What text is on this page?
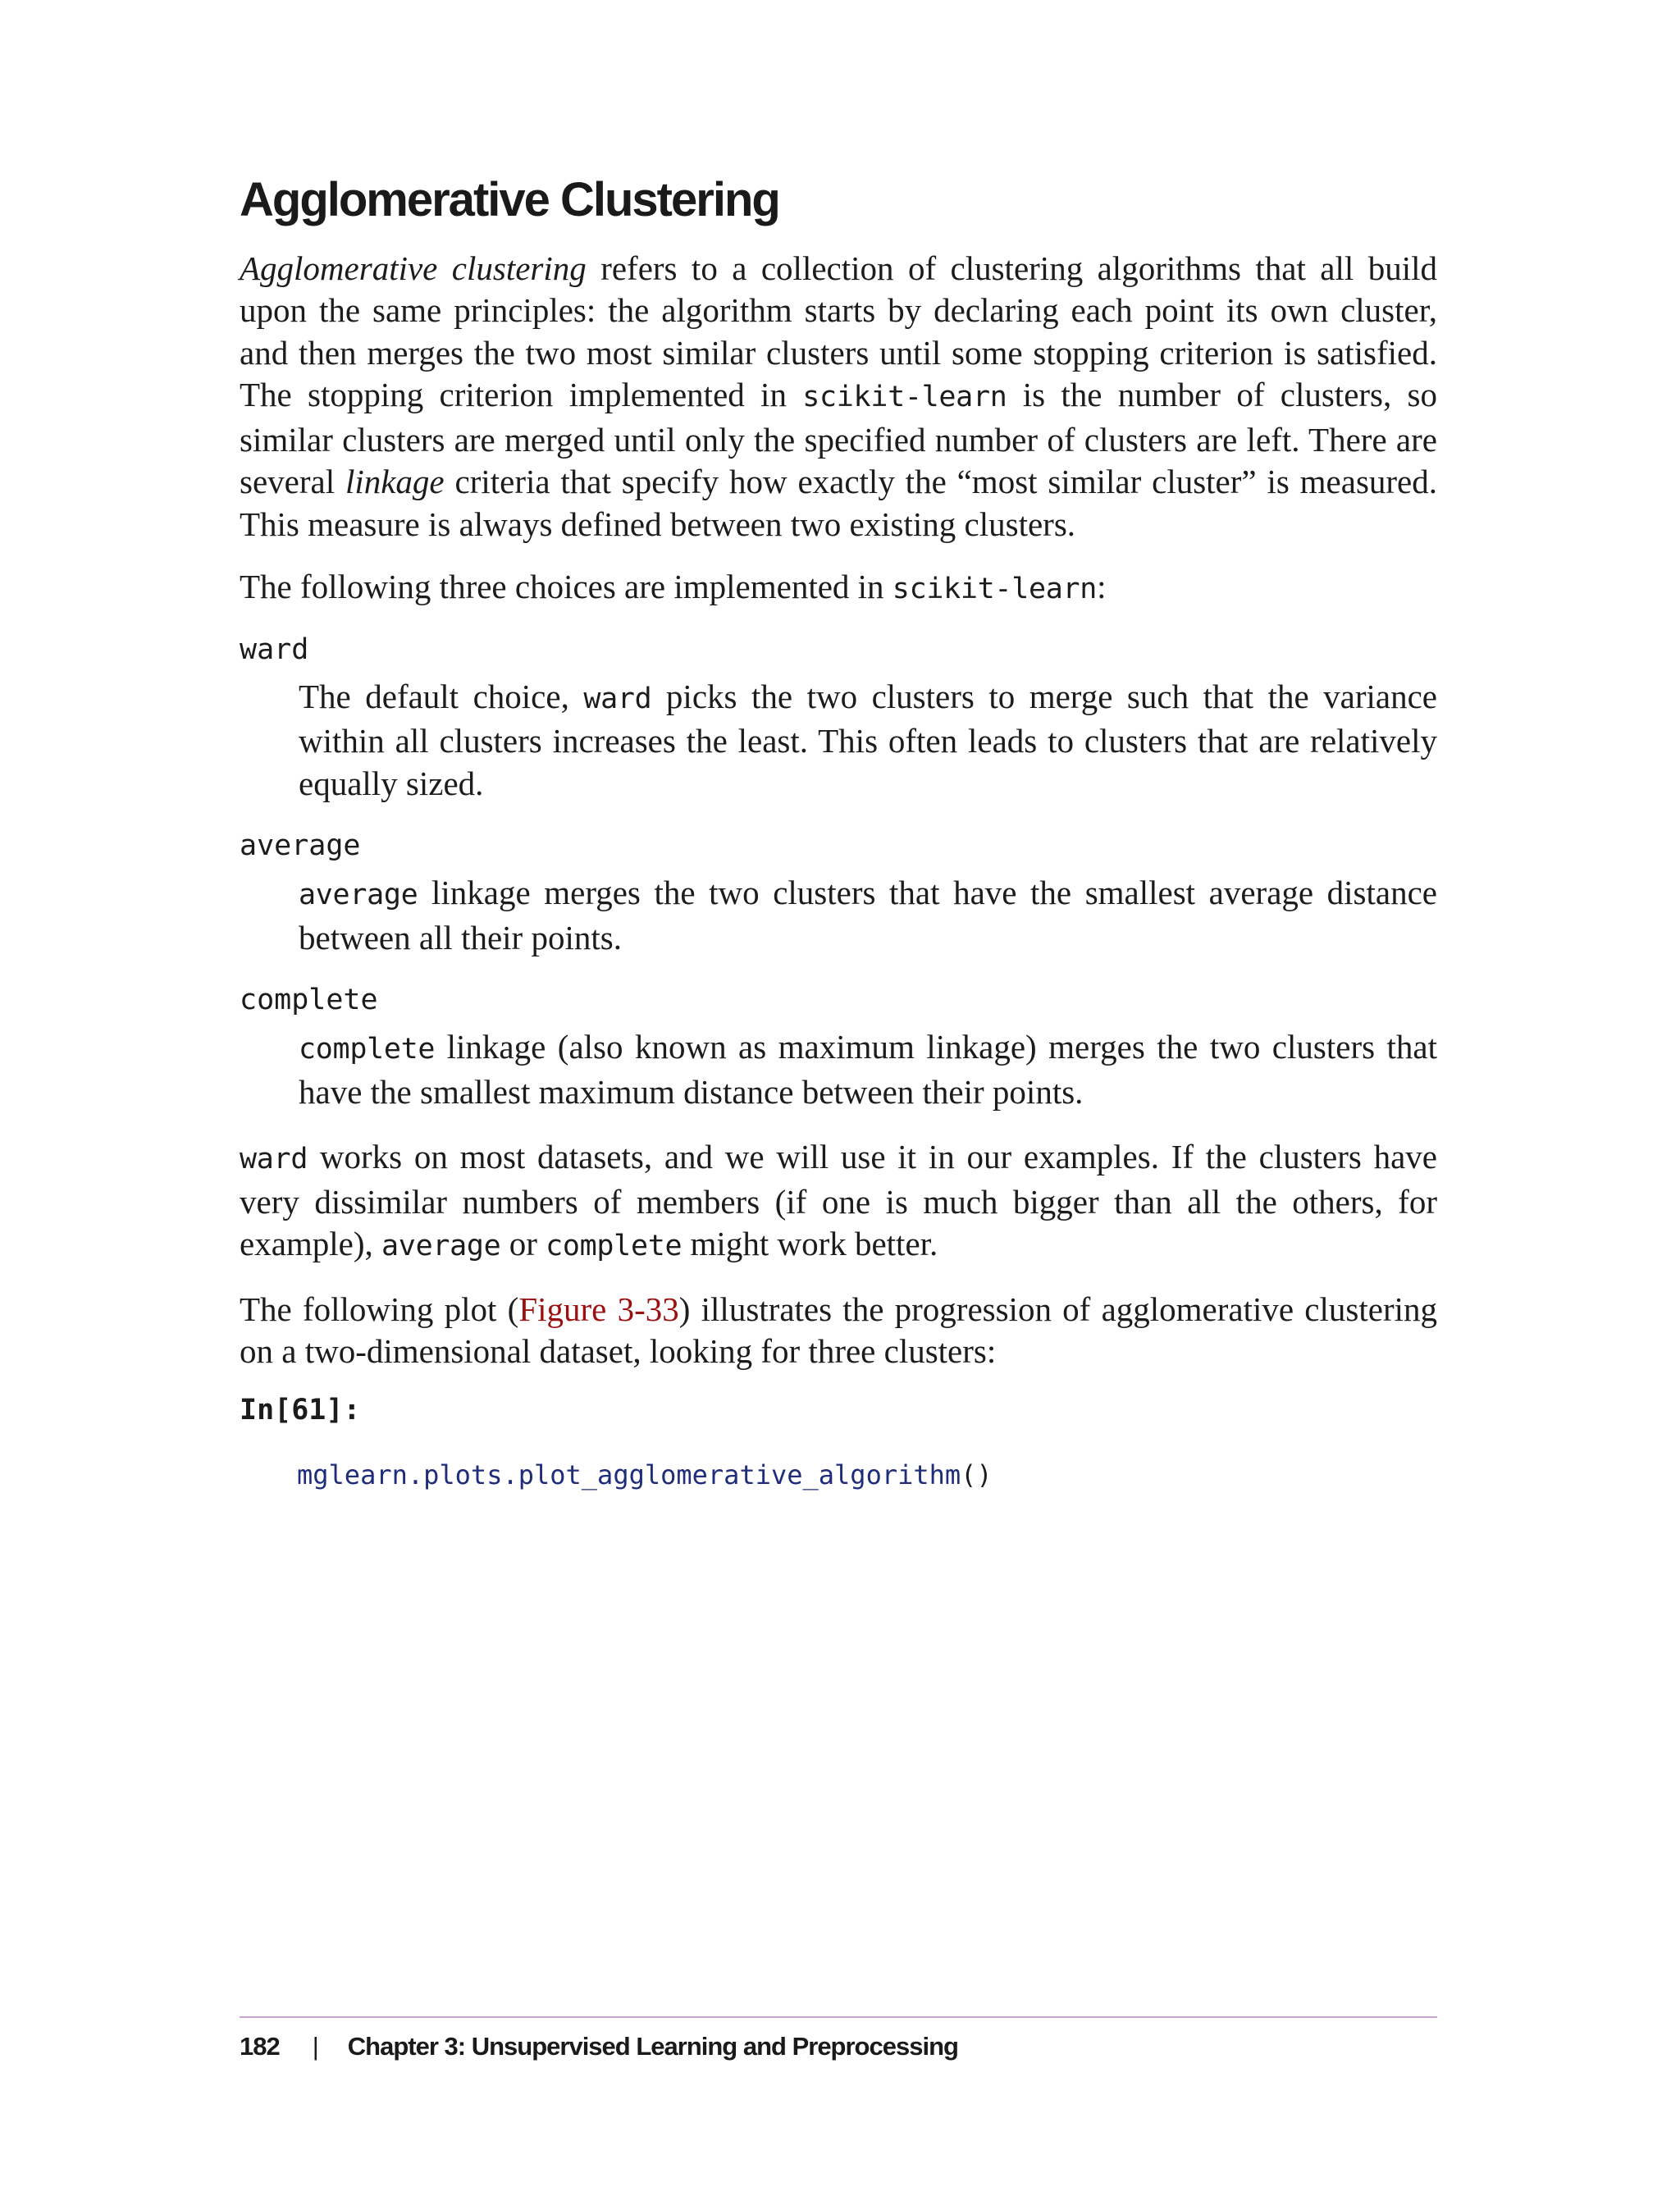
Agglomerative Clustering

Agglomerative clustering refers to a collection of clustering algorithms that all build upon the same principles: the algorithm starts by declaring each point its own cluster, and then merges the two most similar clusters until some stopping criterion is satisfied. The stopping criterion implemented in scikit-learn is the number of clusters, so similar clusters are merged until only the specified number of clusters are left. There are several linkage criteria that specify how exactly the “most similar cluster” is measured. This measure is always defined between two existing clusters.

The following three choices are implemented in scikit-learn:

ward
The default choice, ward picks the two clusters to merge such that the variance within all clusters increases the least. This often leads to clusters that are relatively equally sized.
average
average linkage merges the two clusters that have the smallest average distance between all their points.
complete
complete linkage (also known as maximum linkage) merges the two clusters that have the smallest maximum distance between their points.

ward works on most datasets, and we will use it in our examples. If the clusters have very dissimilar numbers of members (if one is much bigger than all the others, for example), average or complete might work better.

The following plot (Figure 3-33) illustrates the progression of agglomerative clustering on a two-dimensional dataset, looking for three clusters:

In[61]:
mglearn.plots.plot_agglomerative_algorithm()
182 | Chapter 3: Unsupervised Learning and Preprocessing
